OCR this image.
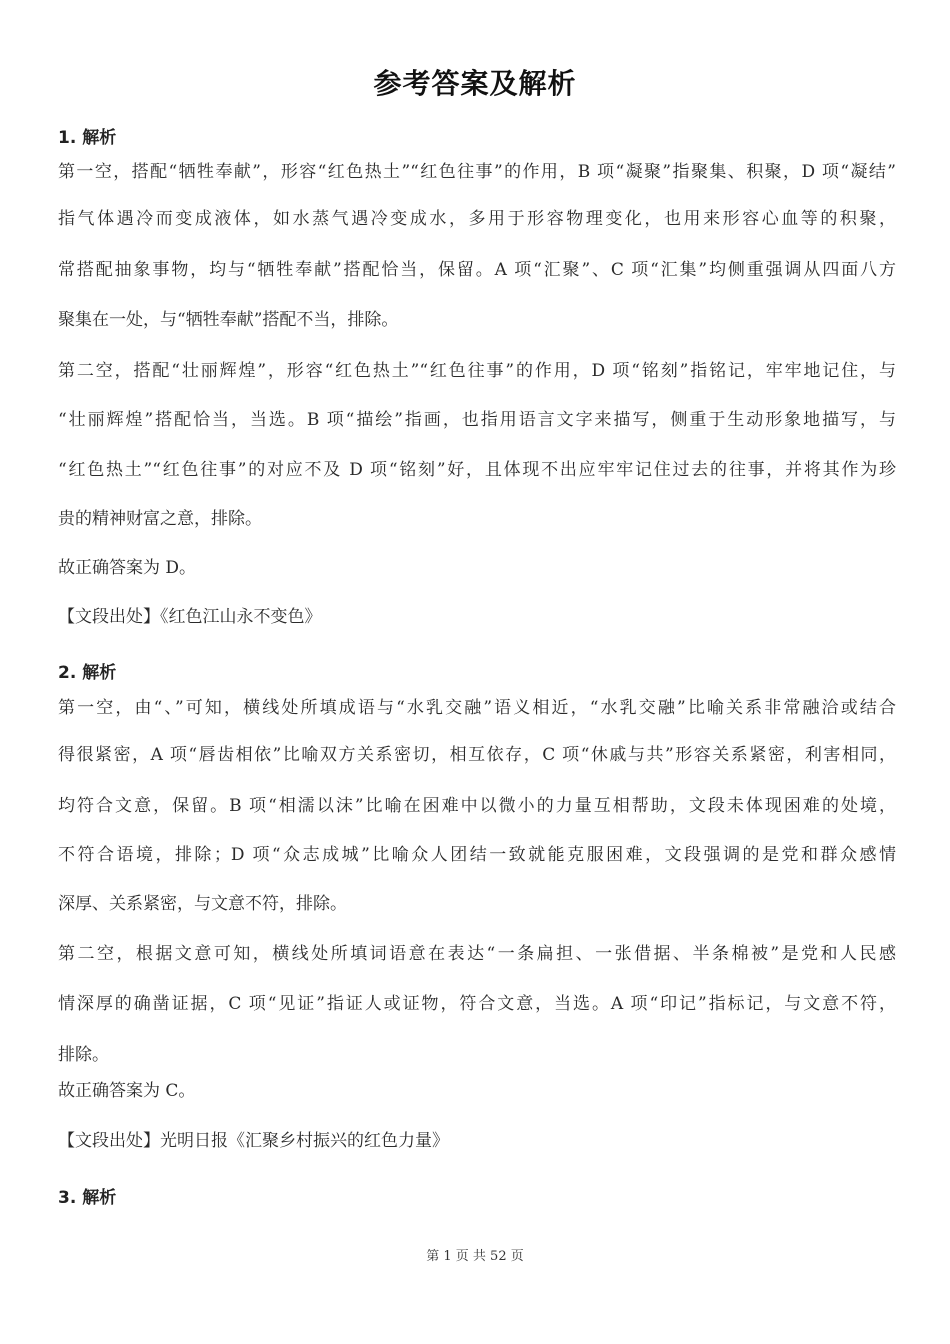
参考答案及解析
1. 解析
第一空，搭配“牺牲奉献”，形容“红色热土”“红色往事”的作用，B 项“凝聚”指聚集、积聚，D 项“凝结”
指气体遇冷而变成液体，如水蒸气遇冷变成水，多用于形容物理变化，也用来形容心血等的积聚，
常搭配抽象事物，均与“牺牲奉献”搭配恰当，保留。A 项“汇聚”、C 项“汇集”均侧重强调从四面八方
聚集在一处，与“牺牲奉献”搭配不当，排除。
第二空，搭配“壮丽辉煌”，形容“红色热土”“红色往事”的作用，D 项“铭刻”指铭记，牢牢地记住，与
“壮丽辉煌”搭配恰当，当选。B 项“描绘”指画，也指用语言文字来描写，侧重于生动形象地描写，与
“红色热土”“红色往事”的对应不及 D 项“铭刻”好，且体现不出应牢牢记住过去的往事，并将其作为珍
贵的精神财富之意，排除。
故正确答案为 D。
【文段出处】《红色江山永不变色》
2. 解析
第一空，由“、”可知，横线处所填成语与“水乳交融”语义相近，“水乳交融”比喻关系非常融洽或结合
得很紧密，A 项“唇齿相依”比喻双方关系密切，相互依存，C 项“休戚与共”形容关系紧密，利害相同，
均符合文意，保留。B 项“相濡以沫”比喻在困难中以微小的力量互相帮助，文段未体现困难的处境，
不符合语境，排除；D 项“众志成城”比喻众人团结一致就能克服困难，文段强调的是党和群众感情
深厚、关系紧密，与文意不符，排除。
第二空，根据文意可知，横线处所填词语意在表达“一条扁担、一张借据、半条棉被”是党和人民感
情深厚的确凿证据，C 项“见证”指证人或证物，符合文意，当选。A 项“印记”指标记，与文意不符，
排除。
故正确答案为 C。
【文段出处】光明日报《汇聚乡村振兴的红色力量》
3. 解析
第 1 页 共 52 页
